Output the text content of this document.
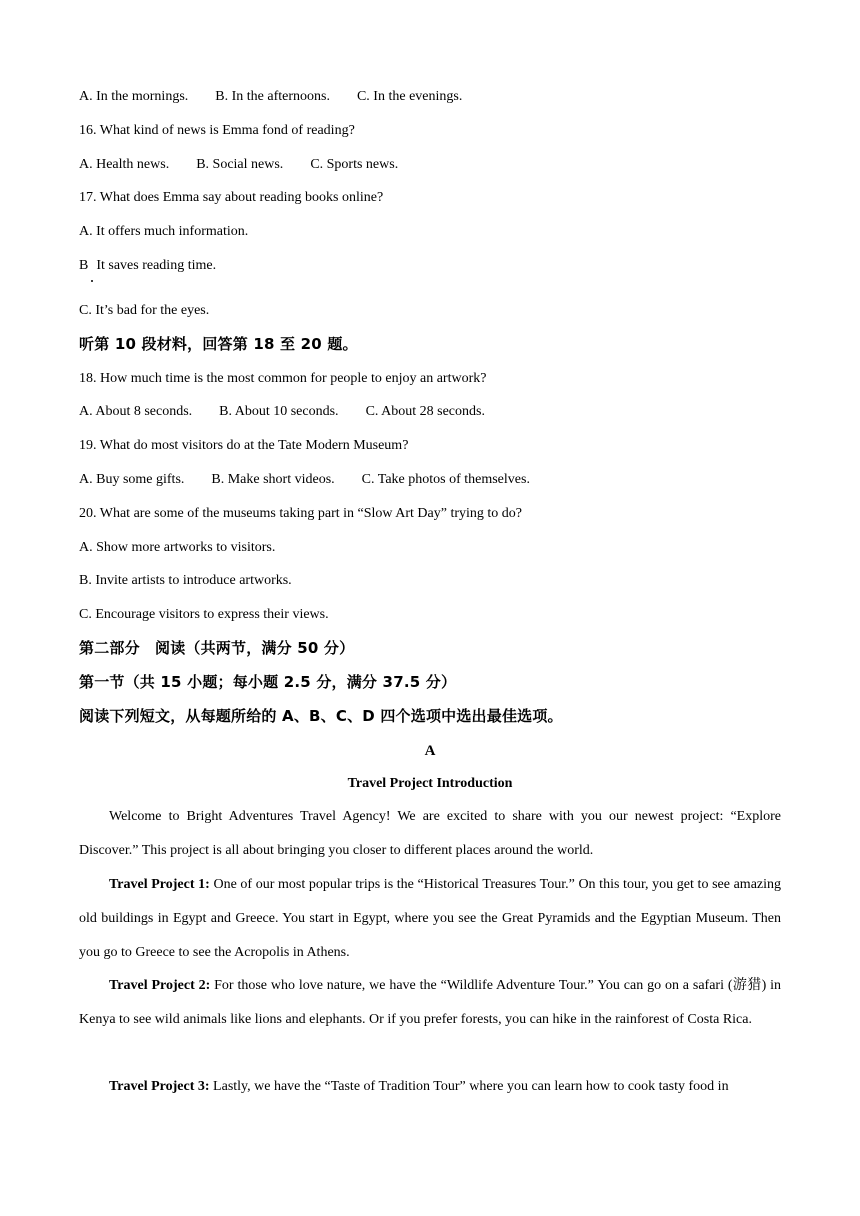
A. In the mornings. B. In the afternoons. C. In the evenings.
16. What kind of news is Emma fond of reading?
A. Health news. B. Social news. C. Sports news.
17. What does Emma say about reading books online?
A. It offers much information.
B It saves reading time.
C. It’s bad for the eyes.
听第 10 段材料，回答第 18 至 20 题。
18. How much time is the most common for people to enjoy an artwork?
A. About 8 seconds. B. About 10 seconds. C. About 28 seconds.
19. What do most visitors do at the Tate Modern Museum?
A. Buy some gifts. B. Make short videos. C. Take photos of themselves.
20. What are some of the museums taking part in “Slow Art Day” trying to do?
A. Show more artworks to visitors.
B. Invite artists to introduce artworks.
C. Encourage visitors to express their views.
第二部分　阅读（共两节，满分 50 分）
第一节（共 15 小题；每小题 2.5 分，满分 37.5 分）
阅读下列短文，从每题所给的 A、B、C、D 四个选项中选出最佳选项。
A
Travel Project Introduction
Welcome to Bright Adventures Travel Agency! We are excited to share with you our newest project: “Explore Discover.” This project is all about bringing you closer to different places around the world.
Travel Project 1: One of our most popular trips is the “Historical Treasures Tour.” On this tour, you get to see amazing old buildings in Egypt and Greece. You start in Egypt, where you see the Great Pyramids and the Egyptian Museum. Then you go to Greece to see the Acropolis in Athens.
Travel Project 2: For those who love nature, we have the “Wildlife Adventure Tour.” You can go on a safari (游猎) in Kenya to see wild animals like lions and elephants. Or if you prefer forests, you can hike in the rainforest of Costa Rica.
Travel Project 3: Lastly, we have the “Taste of Tradition Tour” where you can learn how to cook tasty food in
